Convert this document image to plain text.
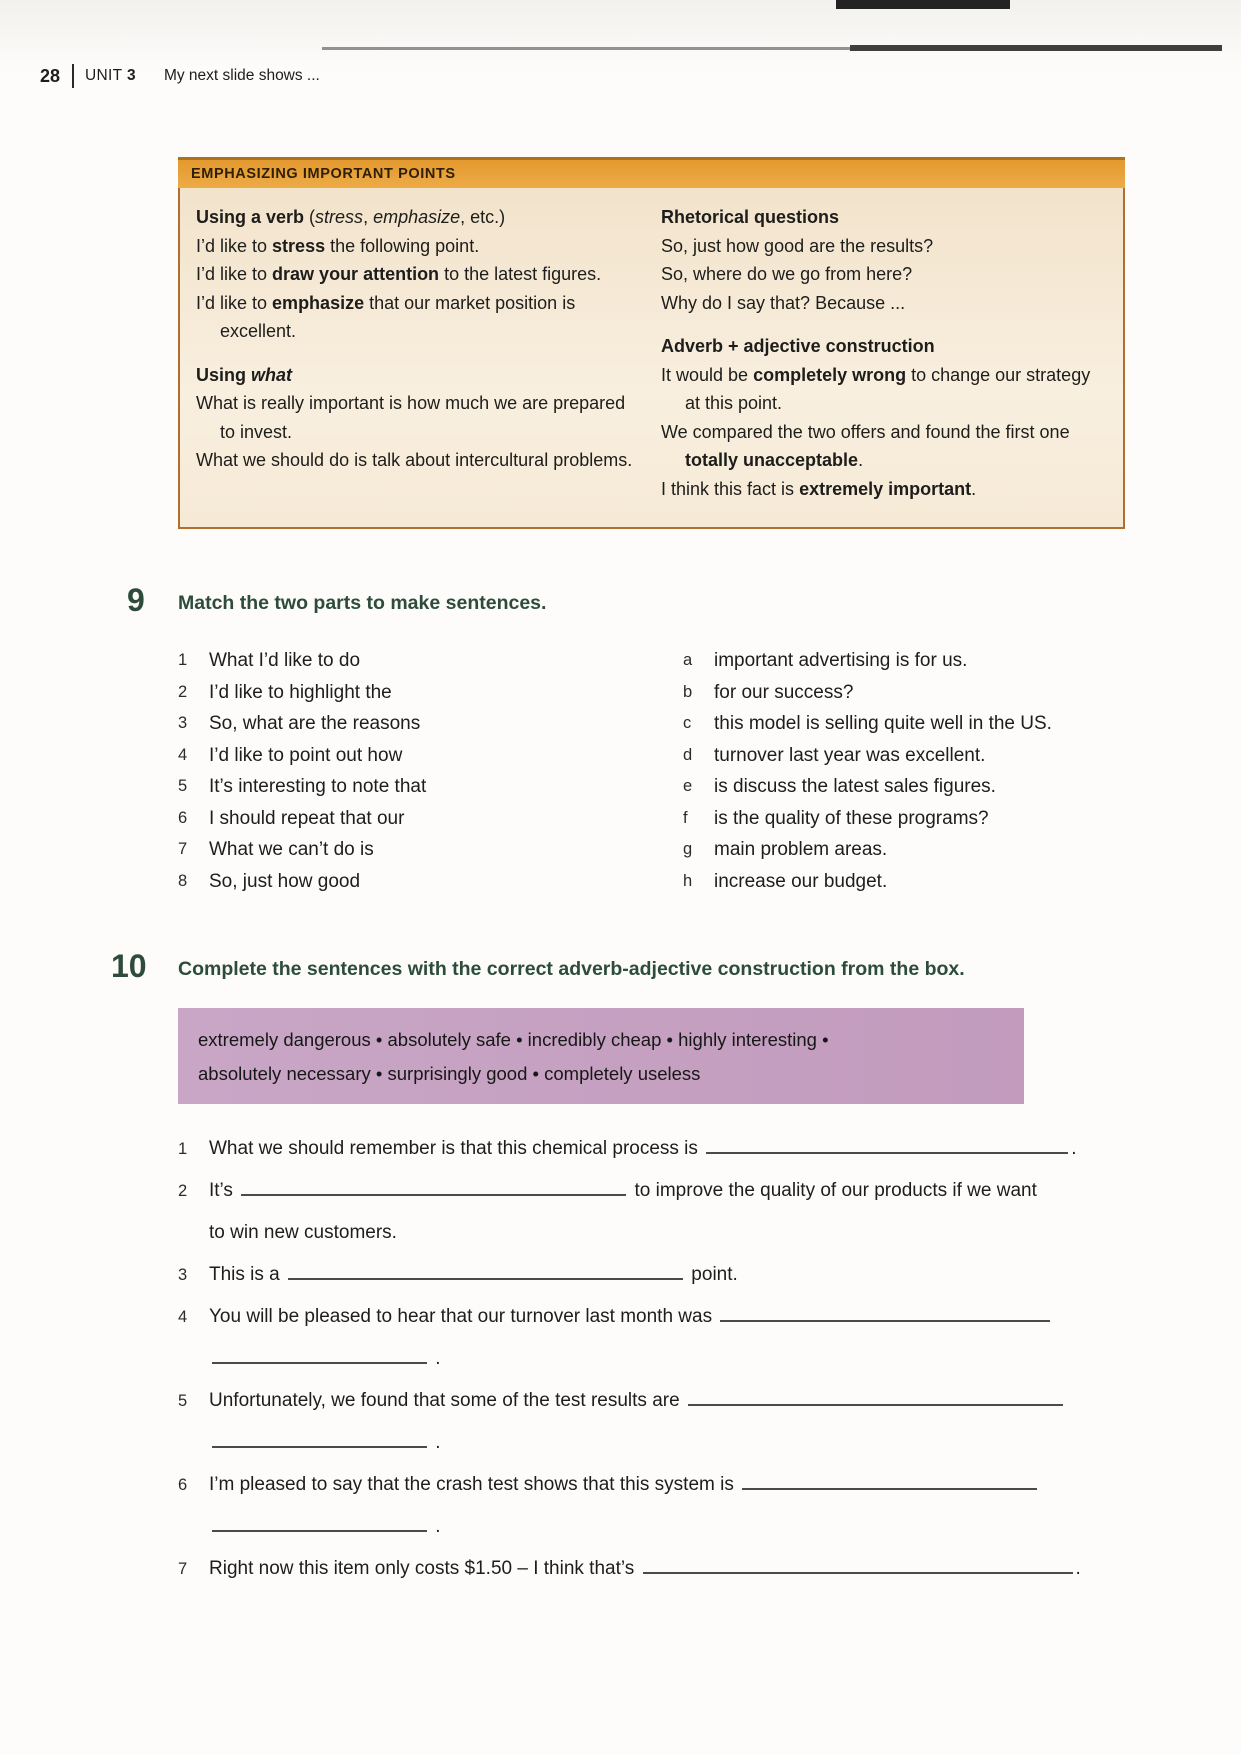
28 UNIT 3 My next slide shows ...
EMPHASIZING IMPORTANT POINTS
Using a verb (stress, emphasize, etc.)
I’d like to stress the following point.
I’d like to draw your attention to the latest figures.
I’d like to emphasize that our market position is excellent.
Using what
What is really important is how much we are prepared to invest.
What we should do is talk about intercultural problems.
Rhetorical questions
So, just how good are the results?
So, where do we go from here?
Why do I say that? Because ...
Adverb + adjective construction
It would be completely wrong to change our strategy at this point.
We compared the two offers and found the first one totally unacceptable.
I think this fact is extremely important.
9 Match the two parts to make sentences.
1	What I’d like to do
2	I’d like to highlight the
3	So, what are the reasons
4	I’d like to point out how
5	It’s interesting to note that
6	I should repeat that our
7	What we can’t do is
8	So, just how good
a	important advertising is for us.
b	for our success?
c	this model is selling quite well in the US.
d	turnover last year was excellent.
e	is discuss the latest sales figures.
f	is the quality of these programs?
g	main problem areas.
h	increase our budget.
10 Complete the sentences with the correct adverb-adjective construction from the box.
extremely dangerous • absolutely safe • incredibly cheap • highly interesting •
absolutely necessary • surprisingly good • completely useless
1	What we should remember is that this chemical process is	.
2	It’s	to improve the quality of our products if we want
to win new customers.
3	This is a	point.
4	You will be pleased to hear that our turnover last month was
.
5	Unfortunately, we found that some of the test results are
.
6	I’m pleased to say that the crash test shows that this system is
.
7	Right now this item only costs $1.50 – I think that’s	.
